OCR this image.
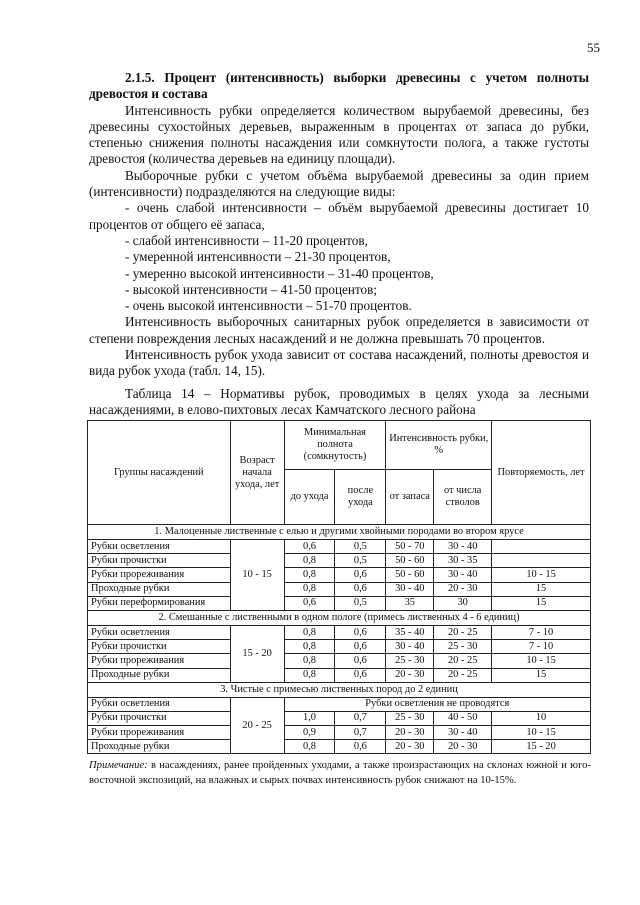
55

2.1.5. Процент (интенсивность) выборки древесины с учетом полноты древостоя и состава

Интенсивность рубки определяется количеством вырубаемой древесины, без древесины сухостойных деревьев, выраженным в процентах от запаса до рубки, степенью снижения полноты насаждения или сомкнутости полога, а также густоты древостоя (количества деревьев на единицу площади).

Выборочные рубки с учетом объёма вырубаемой древесины за один прием (интенсивности) подразделяются на следующие виды:

- очень слабой интенсивности – объём вырубаемой древесины достигает 10 процентов от общего её запаса,

- слабой интенсивности – 11-20 процентов,

- умеренной интенсивности – 21-30 процентов,

- умеренно высокой интенсивности – 31-40 процентов,

- высокой интенсивности – 41-50 процентов;

- очень высокой интенсивности – 51-70 процентов.

Интенсивность выборочных санитарных рубок определяется в зависимости от степени повреждения лесных насаждений и не должна превышать 70 процентов.

Интенсивность рубок ухода зависит от состава насаждений, полноты древостоя и вида рубок ухода (табл. 14, 15).

Таблица 14 – Нормативы рубок, проводимых в целях ухода за лесными насаждениями, в елово-пихтовых лесах Камчатского лесного района

Группы насаждений	Возраст начала ухода, лет	Минимальная полнота (сомкнутость)		Интенсивность рубки, %		Повторяемость, лет
		до ухода	после ухода	от запаса	от числа стволов	
1. Малоценные лиственные с елью и другими хвойными породами во втором ярусе						
Рубки осветления	10 - 15	0,6	0,5	50 - 70	30 - 40	
Рубки прочистки		0,8	0,5	50 - 60	30 - 35	
Рубки прореживания		0,8	0,6	50 - 60	30 - 40	10 - 15
Проходные рубки		0,8	0,6	30 - 40	20 - 30	15
Рубки переформирования		0,6	0,5	35	30	15
2. Смешанные с лиственными в одном пологе (примесь лиственных 4 - 6 единиц)						
Рубки осветления	15 - 20	0,8	0,6	35 - 40	20 - 25	7 - 10
Рубки прочистки		0,8	0,6	30 - 40	25 - 30	7 - 10
Рубки прореживания		0,8	0,6	25 - 30	20 - 25	10 - 15
Проходные рубки		0,8	0,6	20 - 30	20 - 25	15
3. Чистые с примесью лиственных пород до 2 единиц						
Рубки осветления	20 - 25	Рубки осветления не проводятся				
Рубки прочистки		1,0	0,7	25 - 30	40 - 50	10
Рубки прореживания		0,9	0,7	20 - 30	30 - 40	10 - 15
Проходные рубки		0,8	0,6	20 - 30	20 - 30	15 - 20
Примечание: в насаждениях, ранее пройденных уходами, а также произрастающих на склонах южной и юго-восточной экспозиций, на влажных и сырых почвах интенсивность рубок снижают на 10-15%.
